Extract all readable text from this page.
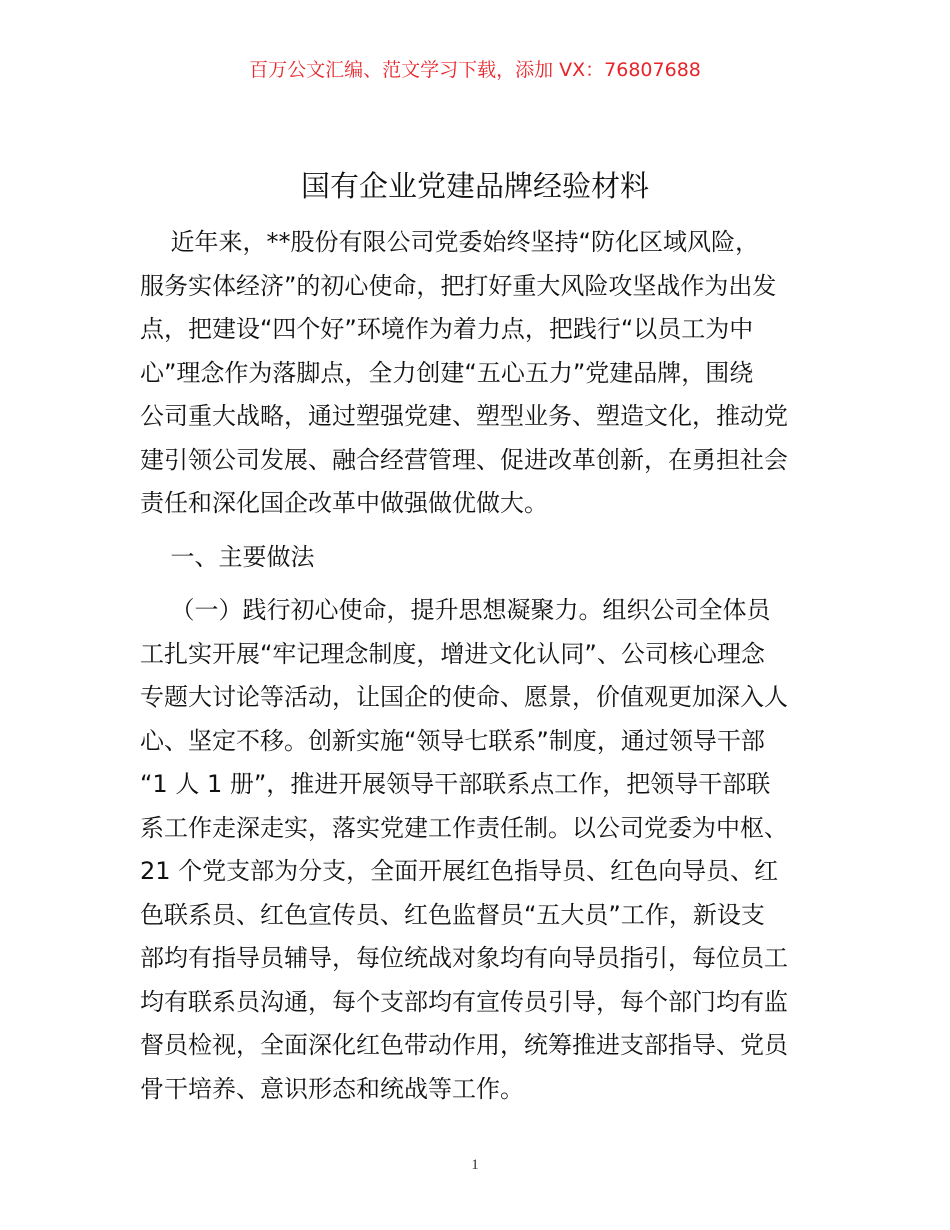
百万公文汇编、范文学习下载，添加 VX：76807688
国有企业党建品牌经验材料
近年来，**股份有限公司党委始终坚持“防化区域风险，
服务实体经济”的初心使命，把打好重大风险攻坚战作为出发
点，把建设“四个好”环境作为着力点，把践行“以员工为中
心”理念作为落脚点，全力创建“五心五力”党建品牌，围绕
公司重大战略，通过塑强党建、塑型业务、塑造文化，推动党
建引领公司发展、融合经营管理、促进改革创新，在勇担社会
责任和深化国企改革中做强做优做大。
一、主要做法
（一）践行初心使命，提升思想凝聚力。组织公司全体员
工扎实开展“牢记理念制度，增进文化认同”、公司核心理念
专题大讨论等活动，让国企的使命、愿景，价值观更加深入人
心、坚定不移。创新实施“领导七联系”制度，通过领导干部
“1 人 1 册”，推进开展领导干部联系点工作，把领导干部联
系工作走深走实，落实党建工作责任制。以公司党委为中枢、
21 个党支部为分支，全面开展红色指导员、红色向导员、红
色联系员、红色宣传员、红色监督员“五大员”工作，新设支
部均有指导员辅导，每位统战对象均有向导员指引，每位员工
均有联系员沟通，每个支部均有宣传员引导，每个部门均有监
督员检视，全面深化红色带动作用，统筹推进支部指导、党员
骨干培养、意识形态和统战等工作。
1
